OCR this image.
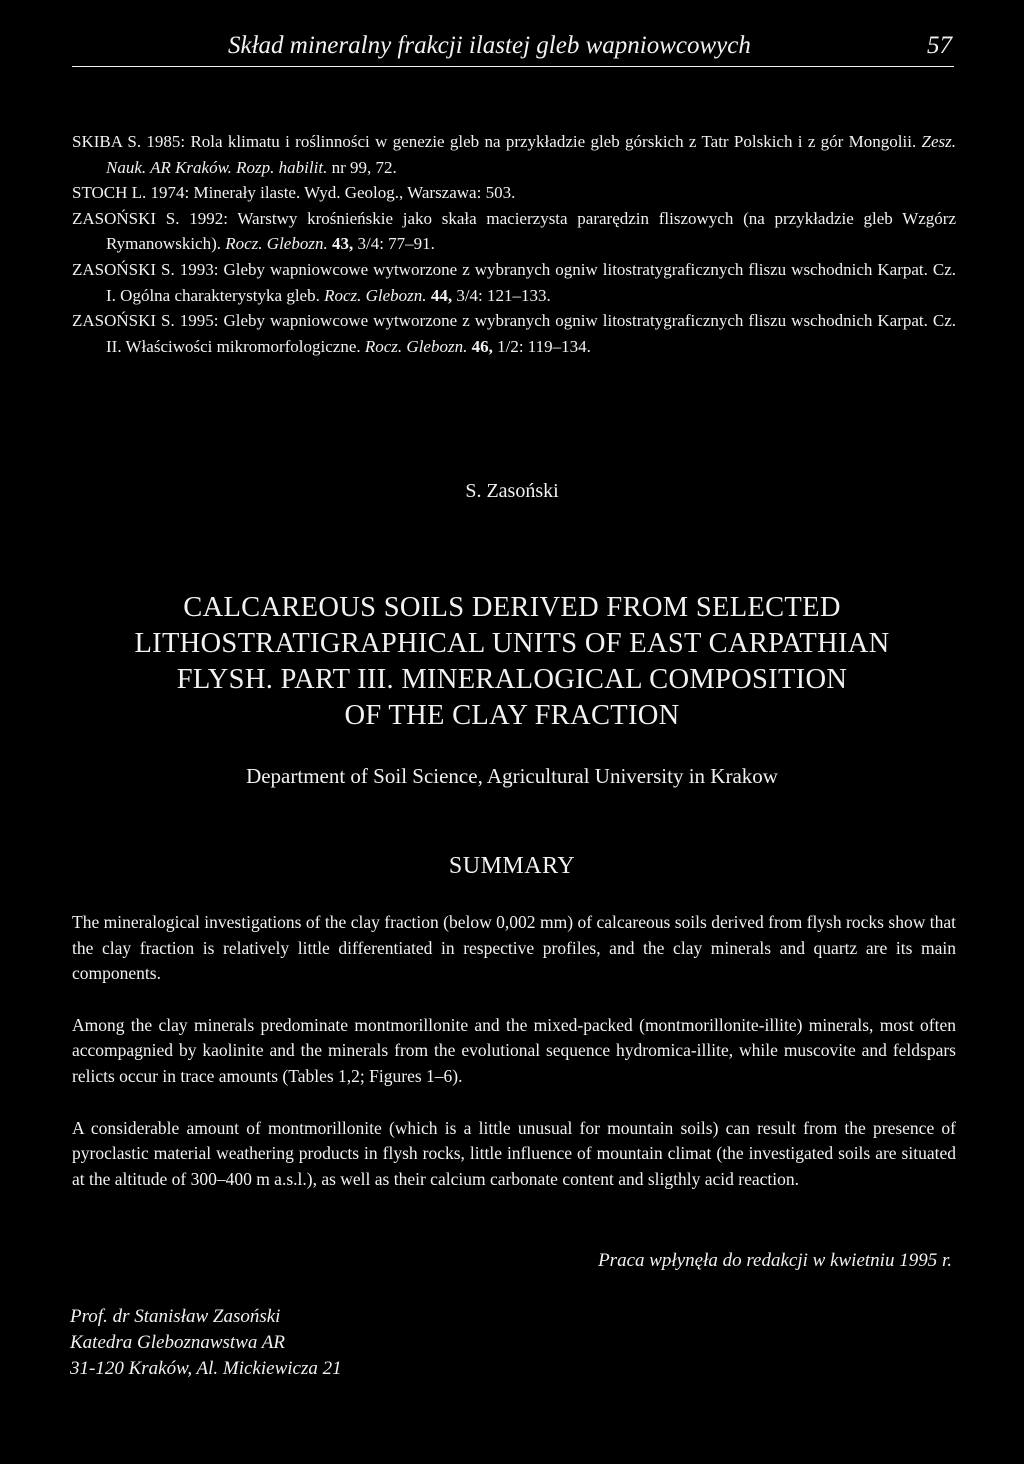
Skład mineralny frakcji ilastej gleb wapniowcowych	57
SKIBA S. 1985: Rola klimatu i roślinności w genezie gleb na przykładzie gleb górskich z Tatr Polskich i z gór Mongolii. Zesz. Nauk. AR Kraków. Rozp. habilit. nr 99, 72.
STOCH L. 1974: Minerały ilaste. Wyd. Geolog., Warszawa: 503.
ZASOŃSKI S. 1992: Warstwy krośnieńskie jako skała macierzysta pararędzin fliszowych (na przykładzie gleb Wzgórz Rymanowskich). Rocz. Glebozn. 43, 3/4: 77–91.
ZASOŃSKI S. 1993: Gleby wapniowcowe wytworzone z wybranych ogniw litostratygraficznych fliszu wschodnich Karpat. Cz. I. Ogólna charakterystyka gleb. Rocz. Glebozn. 44, 3/4: 121–133.
ZASOŃSKI S. 1995: Gleby wapniowcowe wytworzone z wybranych ogniw litostratygraficznych fliszu wschodnich Karpat. Cz. II. Właściwości mikromorfologiczne. Rocz. Glebozn. 46, 1/2: 119–134.
S. Zasoński
CALCAREOUS SOILS DERIVED FROM SELECTED
LITHOSTRATIGRAPHICAL UNITS OF EAST CARPATHIAN
FLYSH. PART III. MINERALOGICAL COMPOSITION
OF THE CLAY FRACTION
Department of Soil Science, Agricultural University in Krakow
SUMMARY

The mineralogical investigations of the clay fraction (below 0,002 mm) of calcareous soils derived from flysh rocks show that the clay fraction is relatively little differentiated in respective profiles, and the clay minerals and quartz are its main components.

Among the clay minerals predominate montmorillonite and the mixed-packed (montmorillonite-illite) minerals, most often accompagnied by kaolinite and the minerals from the evolutional sequence hydromica-illite, while muscovite and feldspars relicts occur in trace amounts (Tables 1,2; Figures 1–6).

A considerable amount of montmorillonite (which is a little unusual for mountain soils) can result from the presence of pyroclastic material weathering products in flysh rocks, little influence of mountain climat (the investigated soils are situated at the altitude of 300–400 m a.s.l.), as well as their calcium carbonate content and sligthly acid reaction.

Praca wpłynęła do redakcji w kwietniu 1995 r.
Prof. dr Stanisław Zasoński
Katedra Gleboznawstwa AR
31-120 Kraków, Al. Mickiewicza 21
